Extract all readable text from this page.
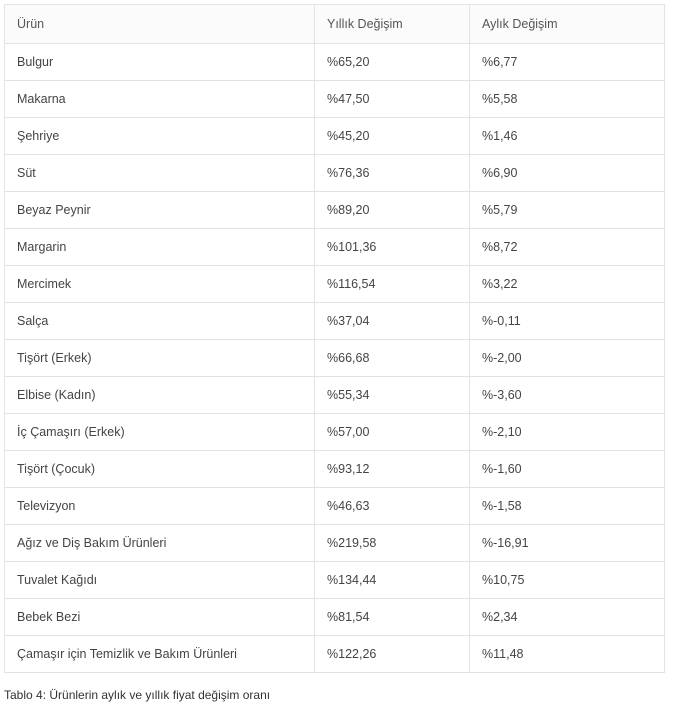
Ürün	Yıllık Değişim	Aylık Değişim
Bulgur	%65,20	%6,77
Makarna	%47,50	%5,58
Şehriye	%45,20	%1,46
Süt	%76,36	%6,90
Beyaz Peynir	%89,20	%5,79
Margarin	%101,36	%8,72
Mercimek	%116,54	%3,22
Salça	%37,04	%-0,11
Tişört (Erkek)	%66,68	%-2,00
Elbise (Kadın)	%55,34	%-3,60
İç Çamaşırı (Erkek)	%57,00	%-2,10
Tişört (Çocuk)	%93,12	%-1,60
Televizyon	%46,63	%-1,58
Ağız ve Diş Bakım Ürünleri	%219,58	%-16,91
Tuvalet Kağıdı	%134,44	%10,75
Bebek Bezi	%81,54	%2,34
Çamaşır için Temizlik ve Bakım Ürünleri	%122,26	%11,48
Tablo 4: Ürünlerin aylık ve yıllık fiyat değişim oranı
